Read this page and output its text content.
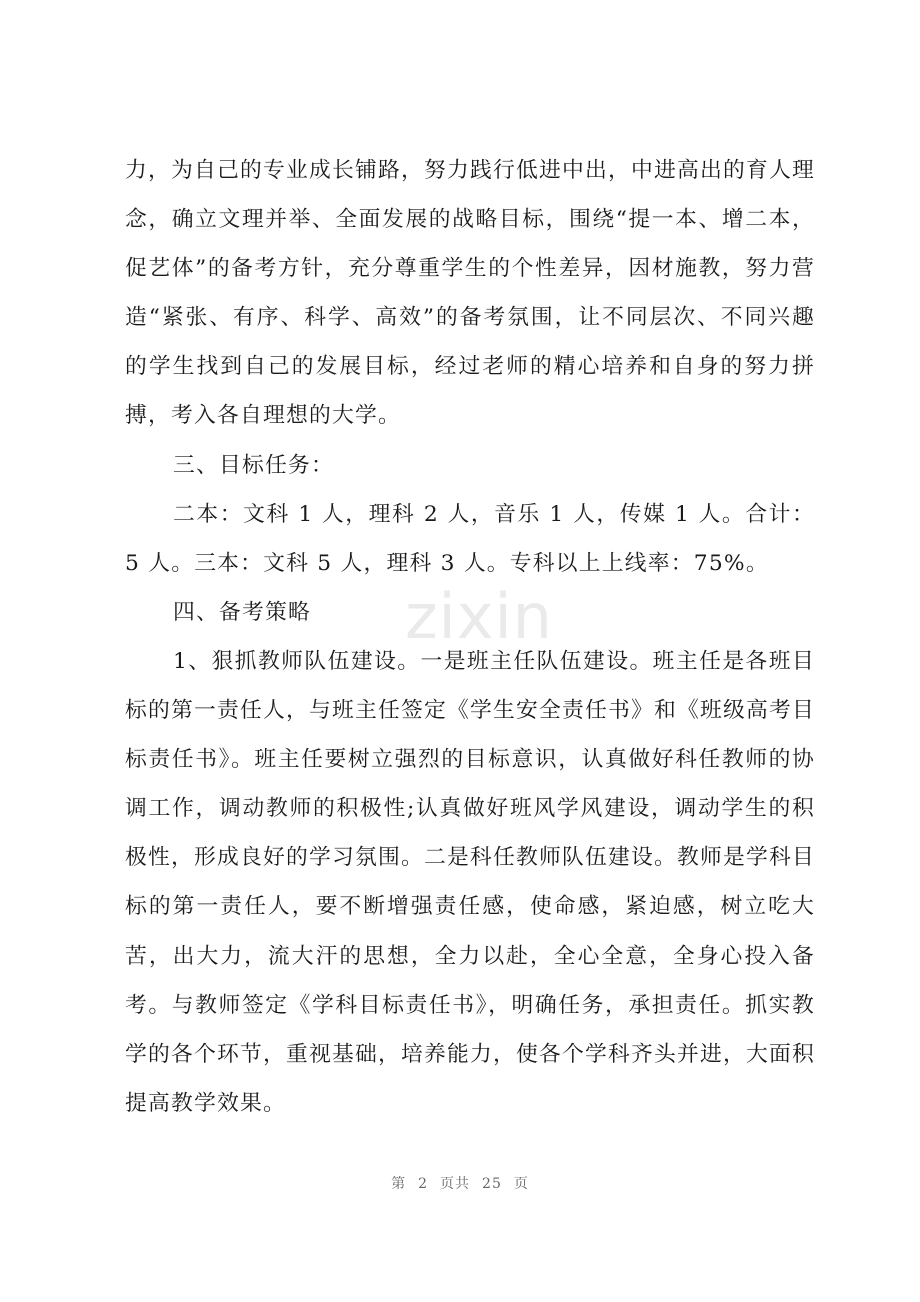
力，为自己的专业成长铺路，努力践行低进中出，中进高出的育人理念，确立文理并举、全面发展的战略目标，围绕“提一本、增二本，促艺体”的备考方针，充分尊重学生的个性差异，因材施教，努力营造“紧张、有序、科学、高效”的备考氛围，让不同层次、不同兴趣的学生找到自己的发展目标，经过老师的精心培养和自身的努力拼搏，考入各自理想的大学。

三、目标任务：

二本：文科 1 人，理科 2 人，音乐 1 人，传媒 1 人。合计：5 人。三本：文科 5 人，理科 3 人。专科以上上线率：75%。

四、备考策略

1、狠抓教师队伍建设。一是班主任队伍建设。班主任是各班目标的第一责任人，与班主任签定《学生安全责任书》和《班级高考目标责任书》。班主任要树立强烈的目标意识，认真做好科任教师的协调工作，调动教师的积极性;认真做好班风学风建设，调动学生的积极性，形成良好的学习氛围。二是科任教师队伍建设。教师是学科目标的第一责任人，要不断增强责任感，使命感，紧迫感，树立吃大苦，出大力，流大汗的思想，全力以赴，全心全意，全身心投入备考。与教师签定《学科目标责任书》，明确任务，承担责任。抓实教学的各个环节，重视基础，培养能力，使各个学科齐头并进，大面积提高教学效果。

zixin
第 2 页共 25 页
